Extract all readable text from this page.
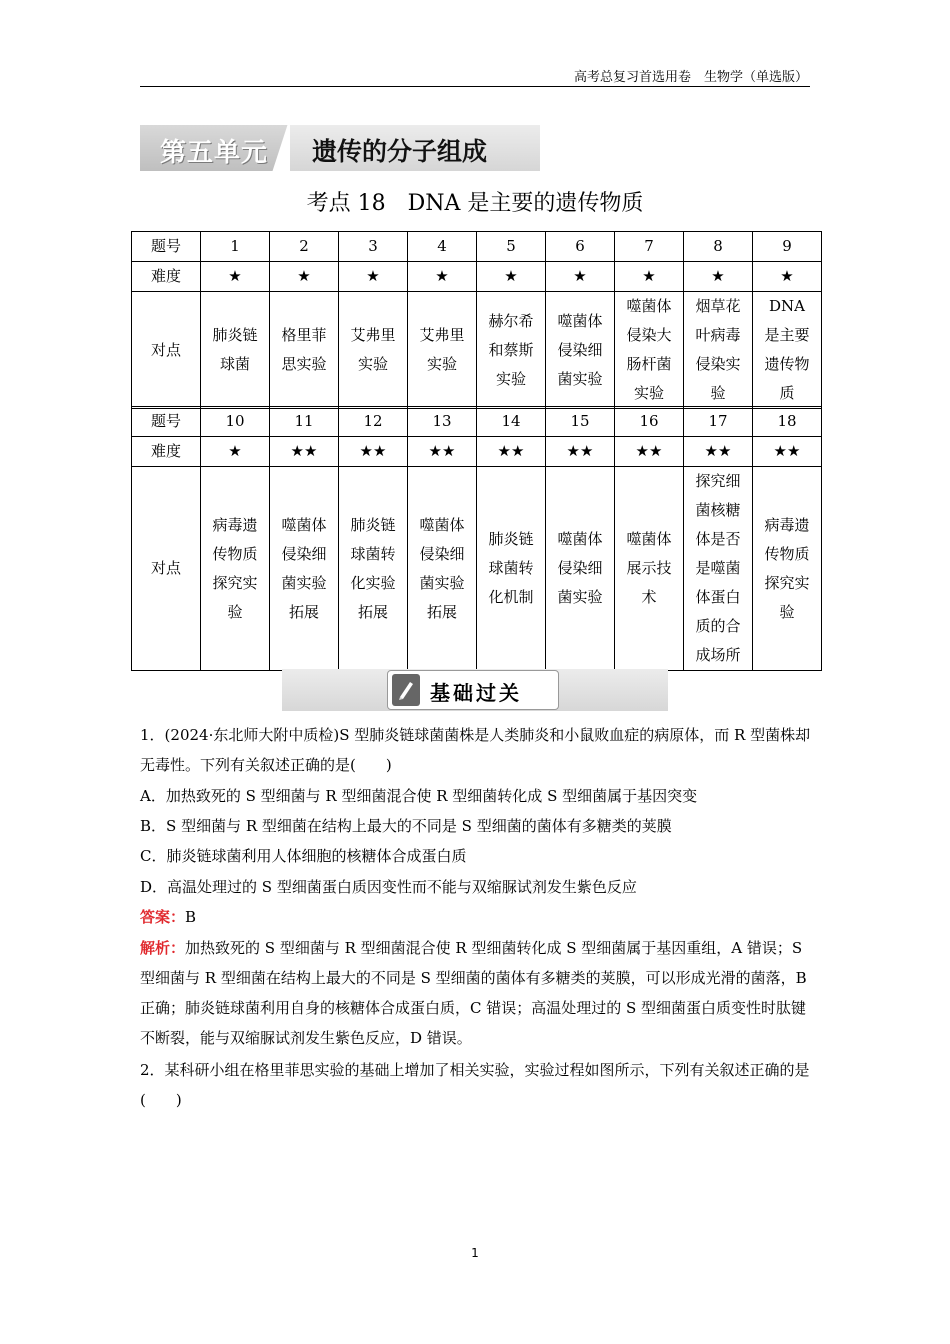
高考总复习首选用卷　生物学（单选版）
第五单元 遗传的分子组成
考点 18　DNA 是主要的遗传物质
题号	1	2	3	4	5	6	7	8	9
难度	★	★	★	★	★	★	★	★	★
对点	肺炎链球菌	格里菲思实验	艾弗里实验	艾弗里实验	赫尔希和蔡斯实验	噬菌体侵染细菌实验	噬菌体侵染大肠杆菌实验	烟草花叶病毒侵染实验	DNA是主要遗传物质
题号	10	11	12	13	14	15	16	17	18
难度	★	★★	★★	★★	★★	★★	★★	★★	★★
对点	病毒遗传物质探究实验	噬菌体侵染细菌实验拓展	肺炎链球菌转化实验拓展	噬菌体侵染细菌实验拓展	肺炎链球菌转化机制	噬菌体侵染细菌实验	噬菌体展示技术	探究细菌核糖体是否是噬菌体蛋白质的合成场所	病毒遗传物质探究实验
基础过关

1．(2024·东北师大附中质检)S 型肺炎链球菌菌株是人类肺炎和小鼠败血症的病原体，而 R 型菌株却无毒性。下列有关叙述正确的是(　　)

A．加热致死的 S 型细菌与 R 型细菌混合使 R 型细菌转化成 S 型细菌属于基因突变

B．S 型细菌与 R 型细菌在结构上最大的不同是 S 型细菌的菌体有多糖类的荚膜

C．肺炎链球菌利用人体细胞的核糖体合成蛋白质

D．高温处理过的 S 型细菌蛋白质因变性而不能与双缩脲试剂发生紫色反应

答案：B

解析：加热致死的 S 型细菌与 R 型细菌混合使 R 型细菌转化成 S 型细菌属于基因重组，A 错误；S 型细菌与 R 型细菌在结构上最大的不同是 S 型细菌的菌体有多糖类的荚膜，可以形成光滑的菌落，B 正确；肺炎链球菌利用自身的核糖体合成蛋白质，C 错误；高温处理过的 S 型细菌蛋白质变性时肽键不断裂，能与双缩脲试剂发生紫色反应，D 错误。

2．某科研小组在格里菲思实验的基础上增加了相关实验，实验过程如图所示，下列有关叙述正确的是(　　)

1
